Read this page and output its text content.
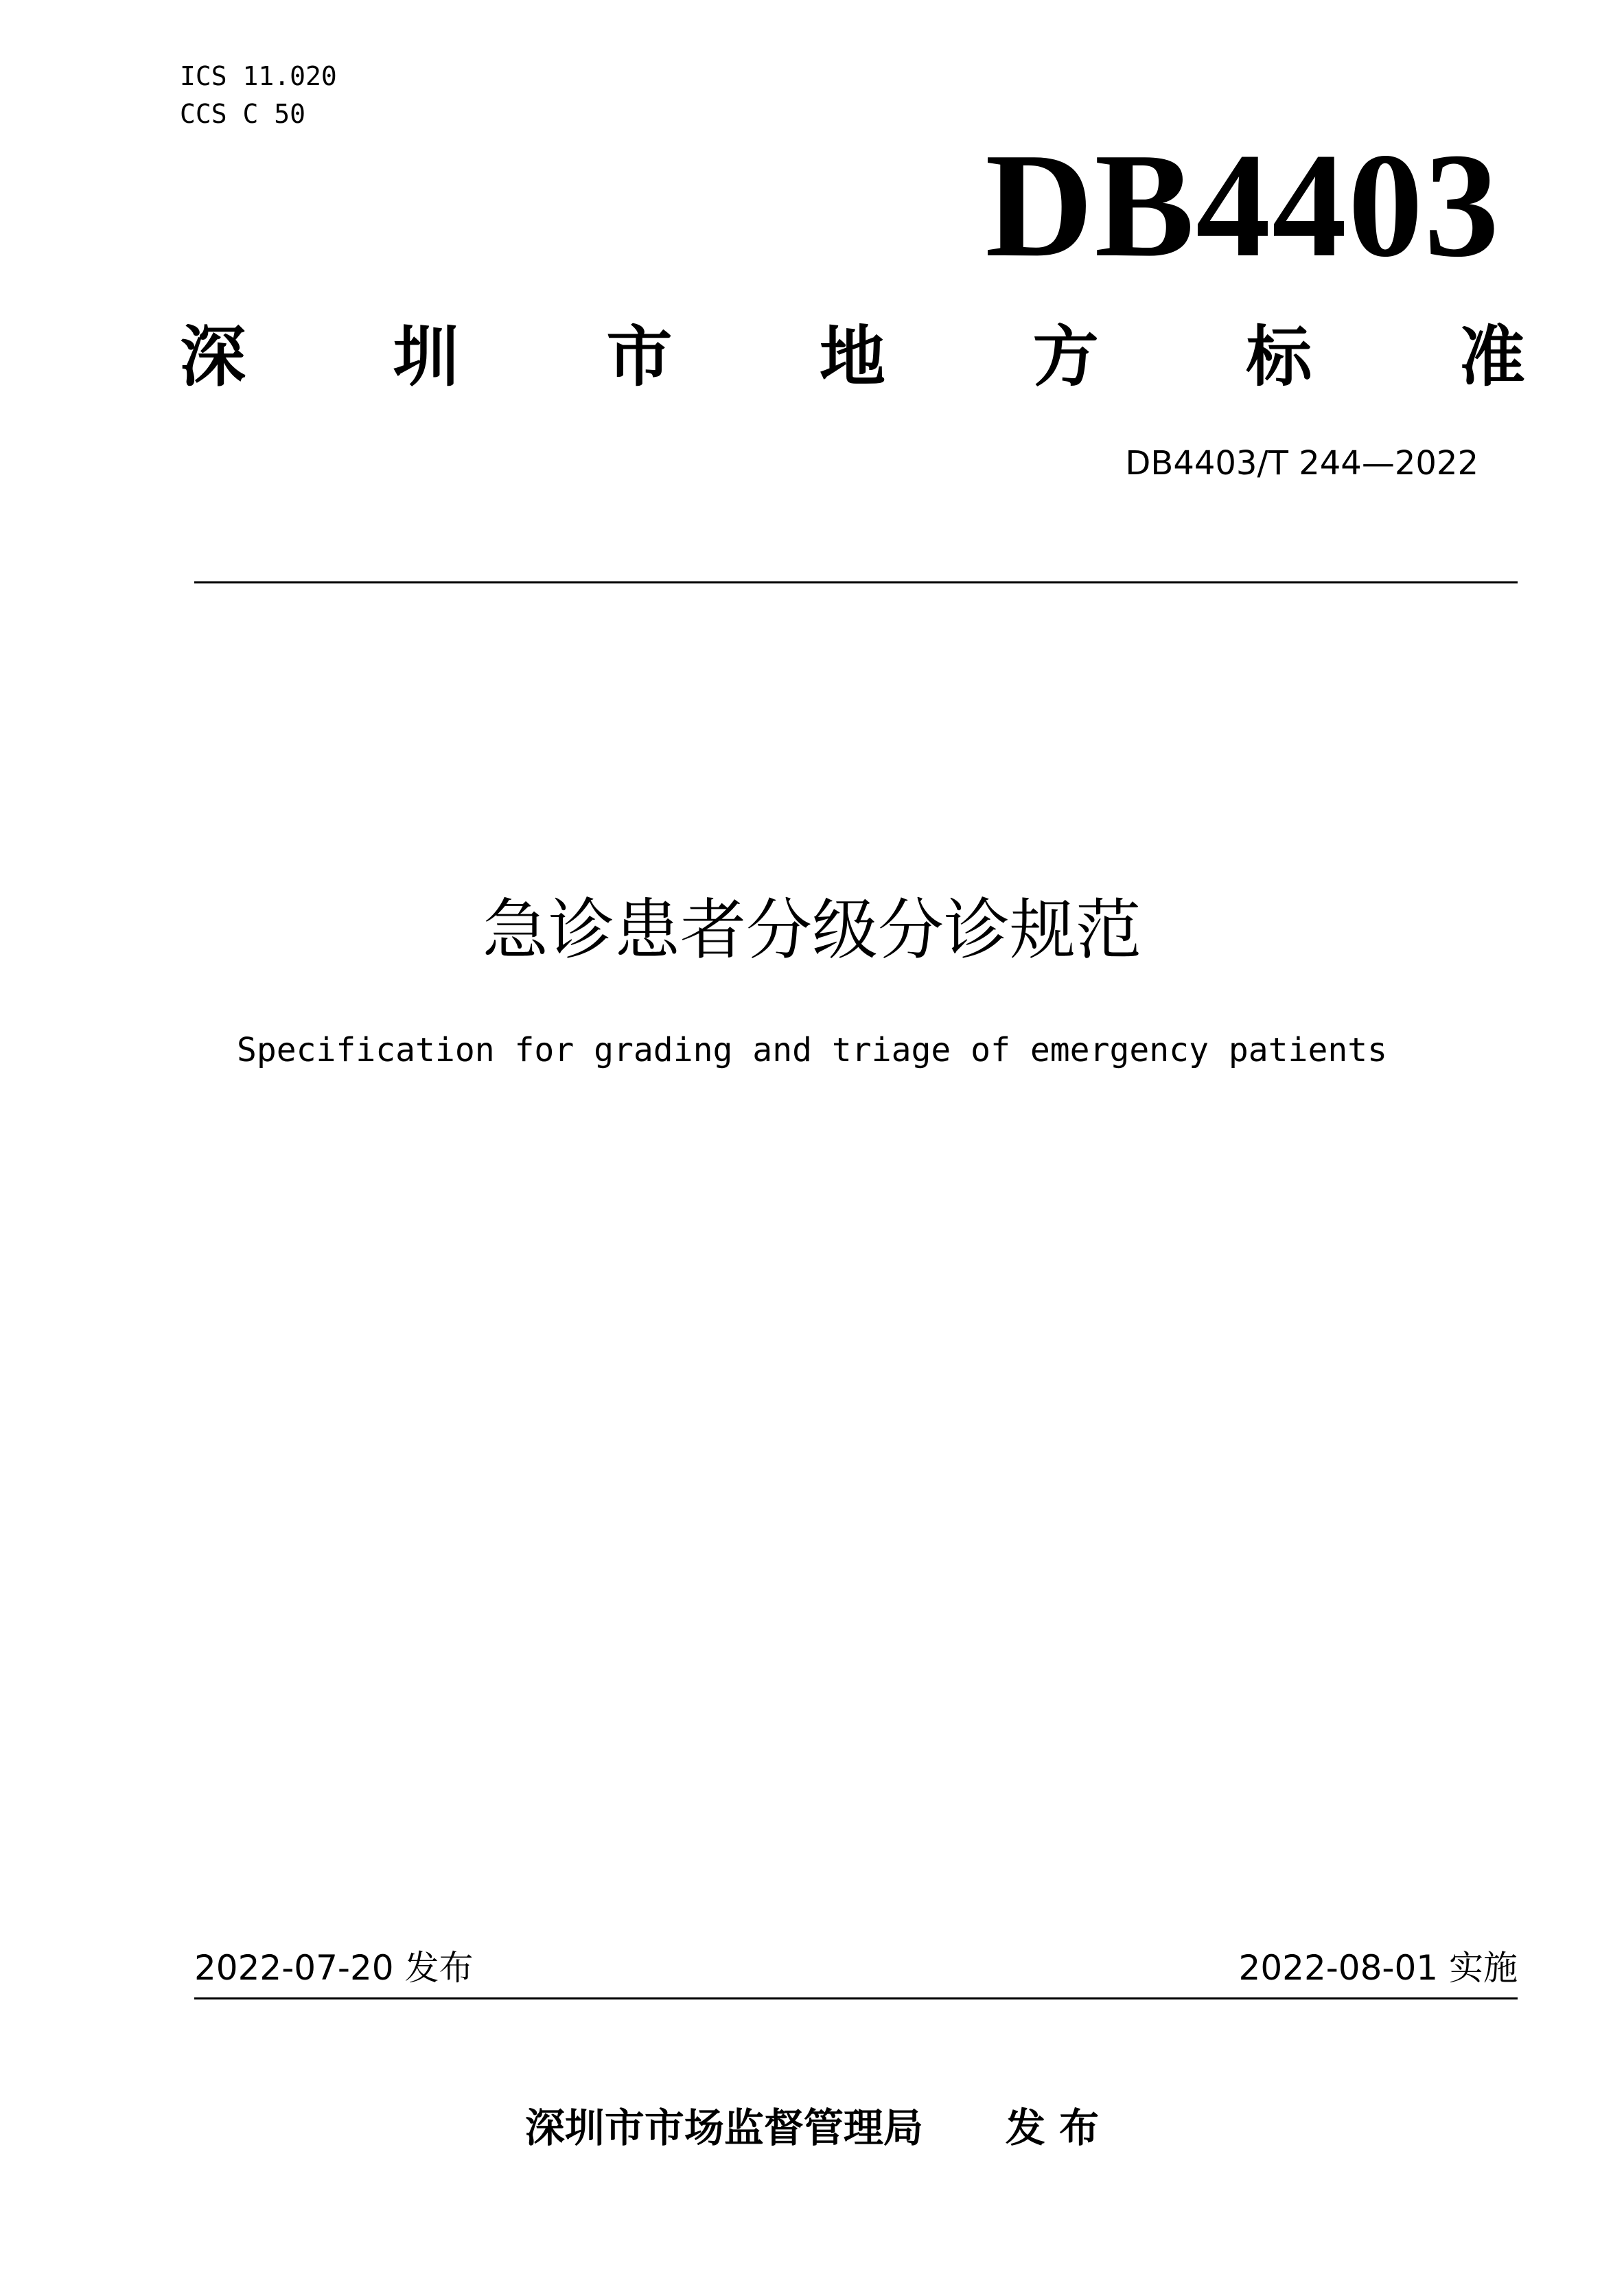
ICS 11.020
CCS C 50
DB4403
深 圳 市 地 方 标 准
DB4403/T 244—2022
急诊患者分级分诊规范
Specification for grading and triage of emergency patients
2022-07-20 发布	2022-08-01 实施
深圳市市场监督管理局 发 布
